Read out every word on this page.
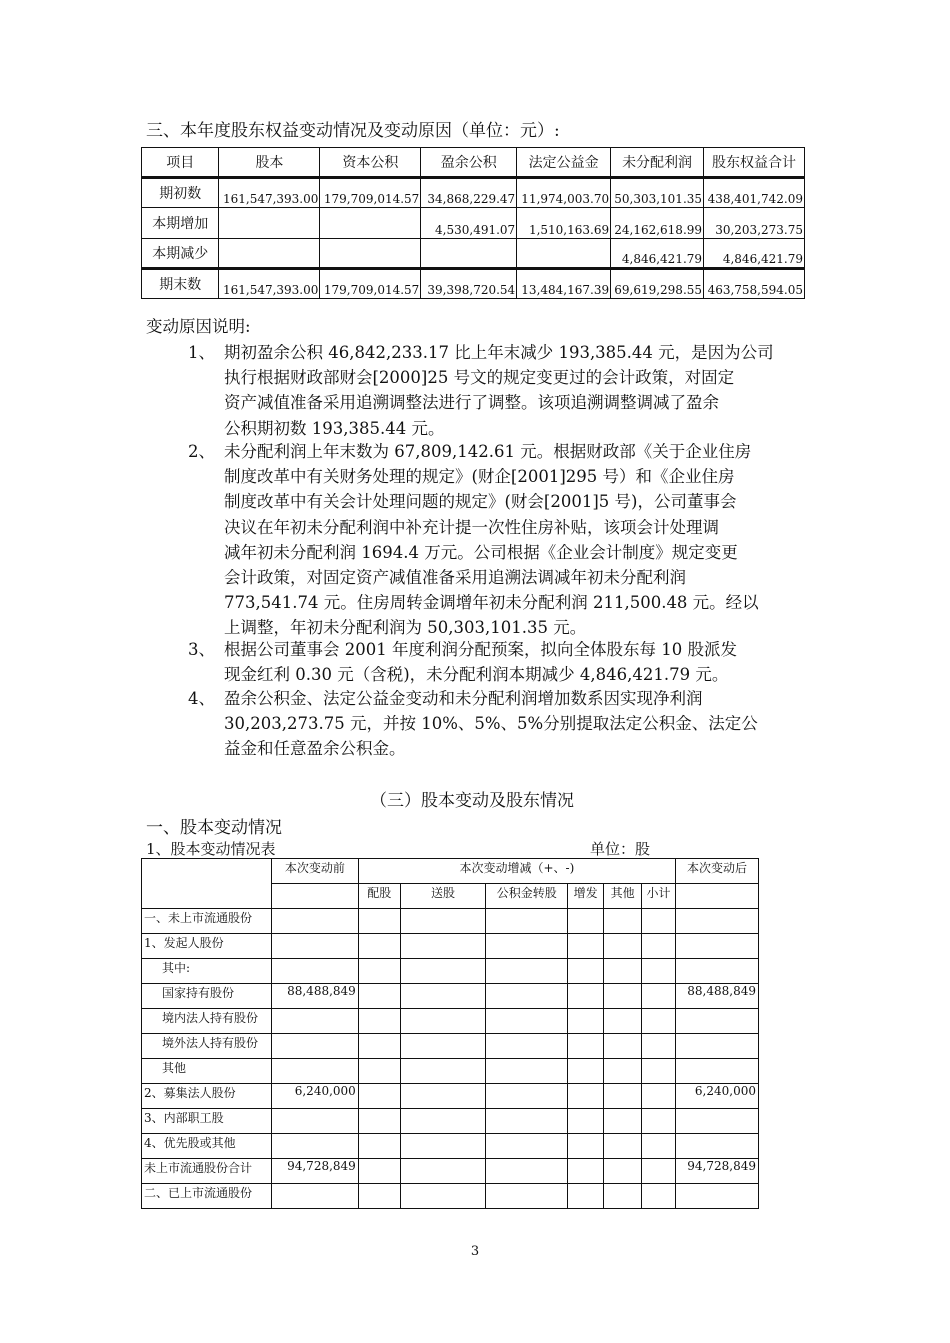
三、本年度股东权益变动情况及变动原因（单位：元）:
项目	股本	资本公积	盈余公积	法定公益金	未分配利润	股东权益合计
期初数	161,547,393.00	179,709,014.57	34,868,229.47	11,974,003.70	50,303,101.35	438,401,742.09
本期增加			4,530,491.07	1,510,163.69	24,162,618.99	30,203,273.75
本期减少					4,846,421.79	4,846,421.79
期末数	161,547,393.00	179,709,014.57	39,398,720.54	13,484,167.39	69,619,298.55	463,758,594.05
变动原因说明:
1、 期初盈余公积 46,842,233.17 比上年末减少 193,385.44 元，是因为公司
执行根据财政部财会[2000]25 号文的规定变更过的会计政策，对固定
资产减值准备采用追溯调整法进行了调整。该项追溯调整调减了盈余
公积期初数 193,385.44 元。
2、 未分配利润上年末数为 67,809,142.61 元。根据财政部《关于企业住房
制度改革中有关财务处理的规定》(财企[2001]295 号）和《企业住房
制度改革中有关会计处理问题的规定》(财会[2001]5 号)，公司董事会
决议在年初未分配利润中补充计提一次性住房补贴，该项会计处理调
减年初未分配利润 1694.4 万元。公司根据《企业会计制度》规定变更
会计政策，对固定资产减值准备采用追溯法调减年初未分配利润
773,541.74 元。住房周转金调增年初未分配利润 211,500.48 元。经以
上调整，年初未分配利润为 50,303,101.35 元。
3、 根据公司董事会 2001 年度利润分配预案，拟向全体股东每 10 股派发
现金红利 0.30 元（含税)，未分配利润本期减少 4,846,421.79 元。
4、 盈余公积金、法定公益金变动和未分配利润增加数系因实现净利润
30,203,273.75 元，并按 10%、5%、5%分别提取法定公积金、法定公
益金和任意盈余公积金。
（三）股本变动及股东情况
一、股本变动情况
1、股本变动情况表	单位：股
	本次变动前	本次变动增减（+、-)						本次变动后
		配股	送股	公积金转股	增发	其他	小计	
一、未上市流通股份								
1、发起人股份								
其中:								
国家持有股份	88,488,849							88,488,849
境内法人持有股份								
境外法人持有股份								
其他								
2、募集法人股份	6,240,000							6,240,000
3、内部职工股								
4、优先股或其他								
未上市流通股份合计	94,728,849							94,728,849
二、已上市流通股份								
3
